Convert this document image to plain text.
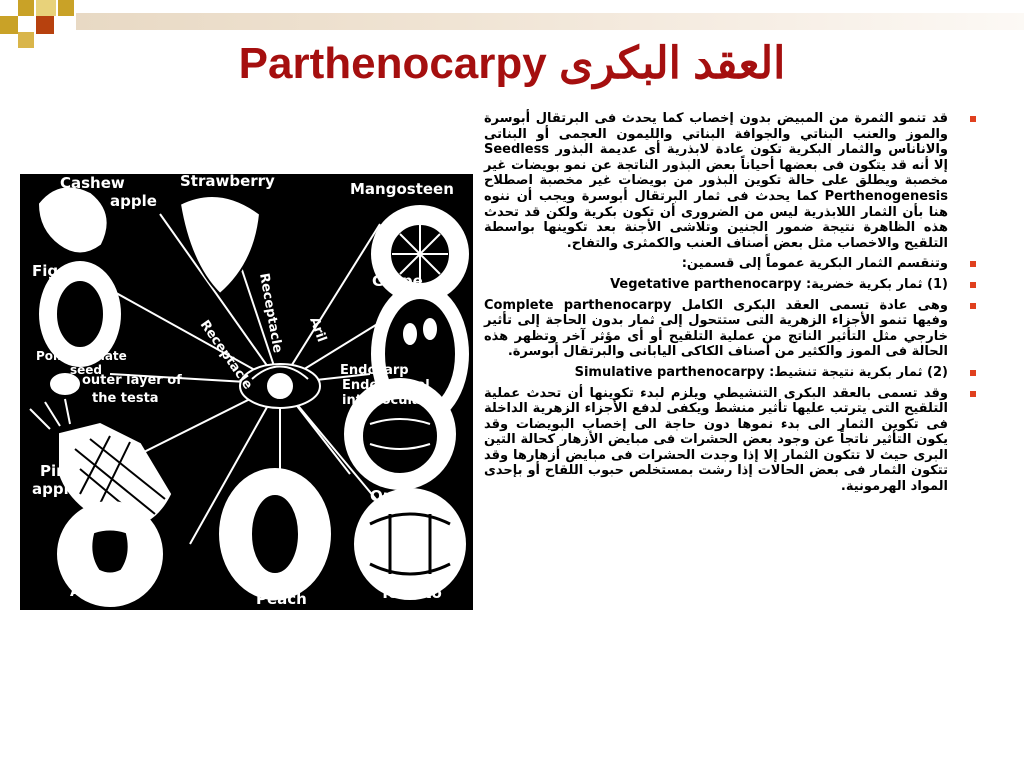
Parthenocarpy العقد البكرى
Cashew
apple
Strawberry	Mangosteen
Fig
Grape
Pomegranate
seed
outer layer of
the testa
Receptacle
Receptacle Aril
Endocarp
Endodermal
intralocular
Pine
apple	Orange
Apple	Peach	Tomato
قد تنمو الثمرة من المبيض بدون إخصاب كما يحدث فى البرتقال أبوسرة والموز والعنب البناتي والجوافة البناتي والليمون العجمى أو البناتى والاناناس والثمار البكرية تكون عادة لابذرية أى عديمة البذور Seedless إلا أنه قد يتكون فى بعضها أحياناً بعض البذور الناتجة عن نمو بويضات غير مخصبة ويطلق على حالة تكوين البذور من بويضات غير مخصبة اصطلاح Perthenogenesis كما يحدث فى ثمار البرتقال أبوسرة ويجب أن ننوه هنا بأن الثمار اللابذرية ليس من الضرورى أن تكون بكرية ولكن قد تحدث هذه الظاهرة نتيجة ضمور الجنين وتلاشى الأجنة بعد تكوينها بواسطة التلقيح والاخصاب مثل بعض أصناف العنب والكمثرى والتفاح.
وتنقسم الثمار البكرية عموماً إلى قسمين:
(1) ثمار بكرية خضرية: Vegetative parthenocarpy
وهى عادة تسمى العقد البكرى الكامل Complete parthenocarpy وفيها تنمو الأجزاء الزهرية التى ستتحول إلى ثمار بدون الحاجة إلى تأثير خارجي مثل التأثير الناتج من عملية التلقيح أو أى مؤثر آخر وتظهر هذه الحالة فى الموز والكثير من أصناف الكاكى اليابانى والبرتقال أبوسرة.
(2) ثمار بكرية نتيجة تنشيط: Simulative parthenocarpy
وقد تسمى بالعقد البكرى التنشيطي ويلزم لبدء تكوينها أن تحدث عملية التلقيح التى يترتب عليها تأثير منشط ويكفى لدفع الأجزاء الزهرية الداخلة فى تكوين الثمار الى بدء نموها دون حاجة الى إخصاب البويضات وقد يكون التأثير ناتجاً عن وجود بعض الحشرات فى مبايض الأزهار كحالة التين البرى حيث لا تتكون الثمار إلا إذا وجدت الحشرات فى مبايض أزهارها وقد تتكون الثمار فى بعض الحالات إذا رشت بمستخلص حبوب اللقاح أو بإحدى المواد الهرمونية.
